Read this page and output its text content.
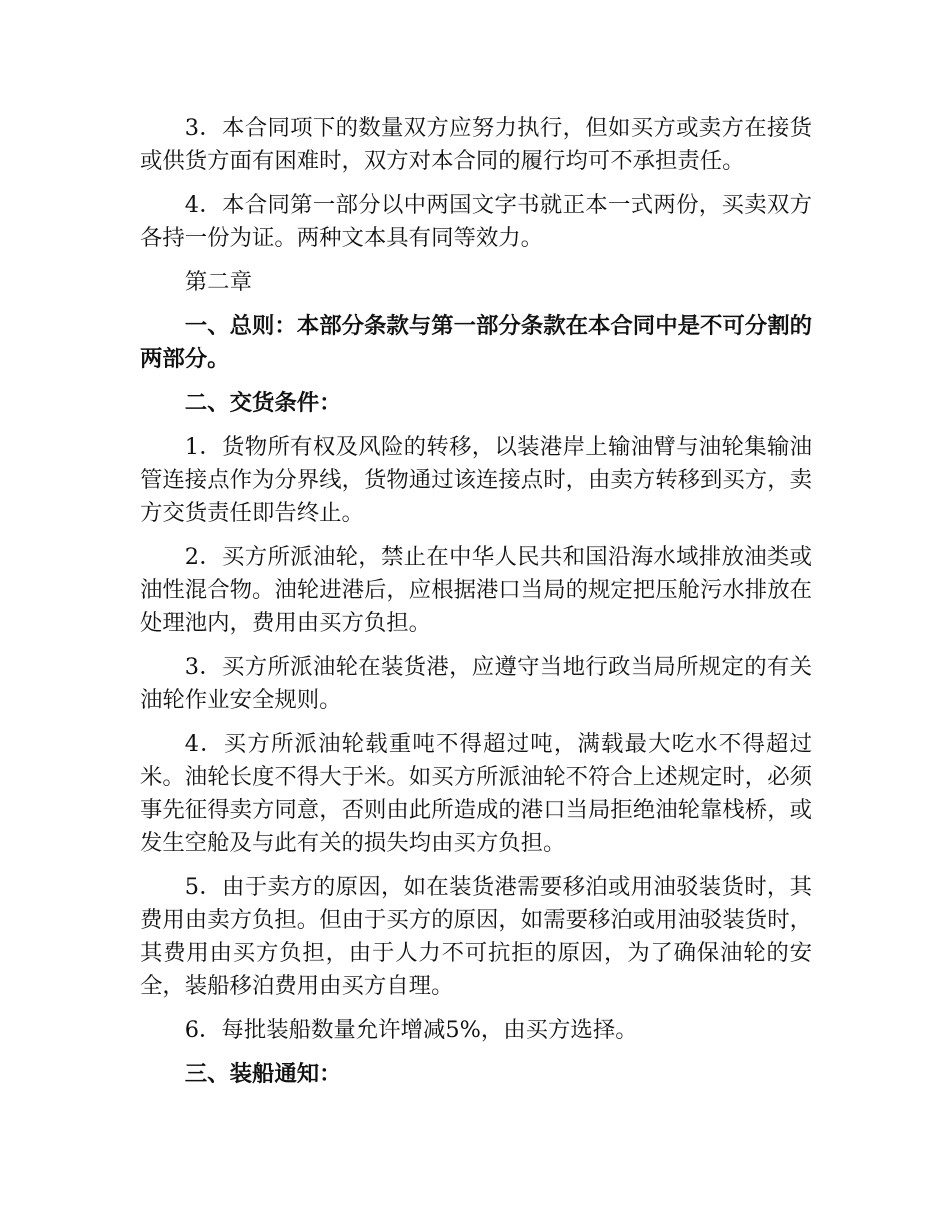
3．本合同项下的数量双方应努力执行，但如买方或卖方在接货或供货方面有困难时，双方对本合同的履行均可不承担责任。

4．本合同第一部分以中两国文字书就正本一式两份，买卖双方各持一份为证。两种文本具有同等效力。

第二章

一、总则：本部分条款与第一部分条款在本合同中是不可分割的两部分。

二、交货条件：

1．货物所有权及风险的转移，以装港岸上输油臂与油轮集输油管连接点作为分界线，货物通过该连接点时，由卖方转移到买方，卖方交货责任即告终止。

2．买方所派油轮，禁止在中华人民共和国沿海水域排放油类或油性混合物。油轮进港后，应根据港口当局的规定把压舱污水排放在处理池内，费用由买方负担。

3．买方所派油轮在装货港，应遵守当地行政当局所规定的有关油轮作业安全规则。

4．买方所派油轮载重吨不得超过吨，满载最大吃水不得超过米。油轮长度不得大于米。如买方所派油轮不符合上述规定时，必须事先征得卖方同意，否则由此所造成的港口当局拒绝油轮靠栈桥，或发生空舱及与此有关的损失均由买方负担。

5．由于卖方的原因，如在装货港需要移泊或用油驳装货时，其费用由卖方负担。但由于买方的原因，如需要移泊或用油驳装货时，其费用由买方负担，由于人力不可抗拒的原因，为了确保油轮的安全，装船移泊费用由买方自理。

6．每批装船数量允许增减5%，由买方选择。

三、装船通知：
